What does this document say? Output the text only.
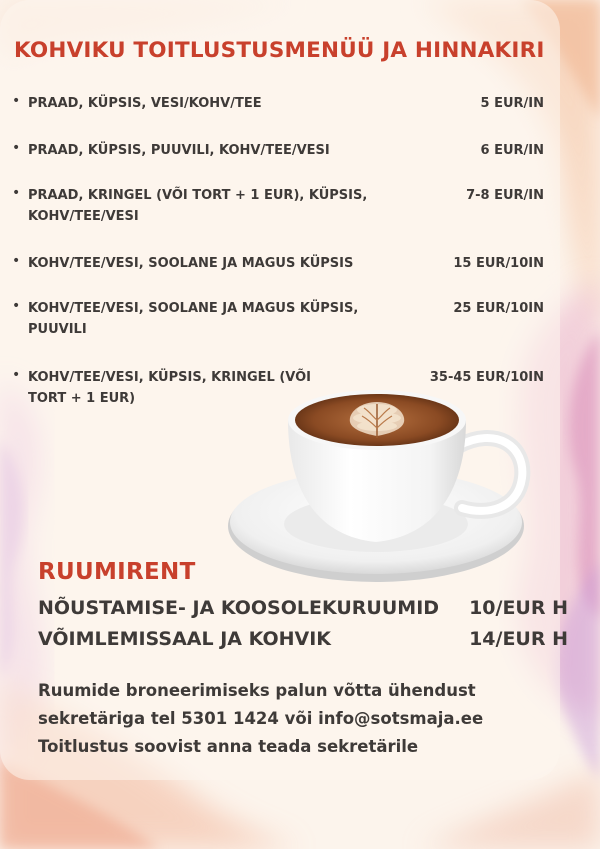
KOHVIKU TOITLUSTUSMENÜÜ JA HINNAKIRI
• PRAAD, KÜPSIS, VESI/KOHV/TEE	5 EUR/IN
• PRAAD, KÜPSIS, PUUVILI, KOHV/TEE/VESI	6 EUR/IN
• PRAAD, KRINGEL (VÕI TORT + 1 EUR), KÜPSIS, KOHV/TEE/VESI
7-8 EUR/IN
• KOHV/TEE/VESI, SOOLANE JA MAGUS KÜPSIS	15 EUR/10IN
• KOHV/TEE/VESI, SOOLANE JA MAGUS KÜPSIS, PUUVILI
25 EUR/10IN
• KOHV/TEE/VESI, KÜPSIS, KRINGEL (VÕI TORT + 1 EUR)
35-45 EUR/10IN
RUUMIRENT
NÕUSTAMISE- JA KOOSOLEKURUUMID 10/EUR H
VÕIMLEMISSAAL JA KOHVIK	14/EUR H
Ruumide broneerimiseks palun võtta ühendust
sekretäriga tel 5301 1424 või info@sotsmaja.ee
Toitlustus soovist anna teada sekretärile
